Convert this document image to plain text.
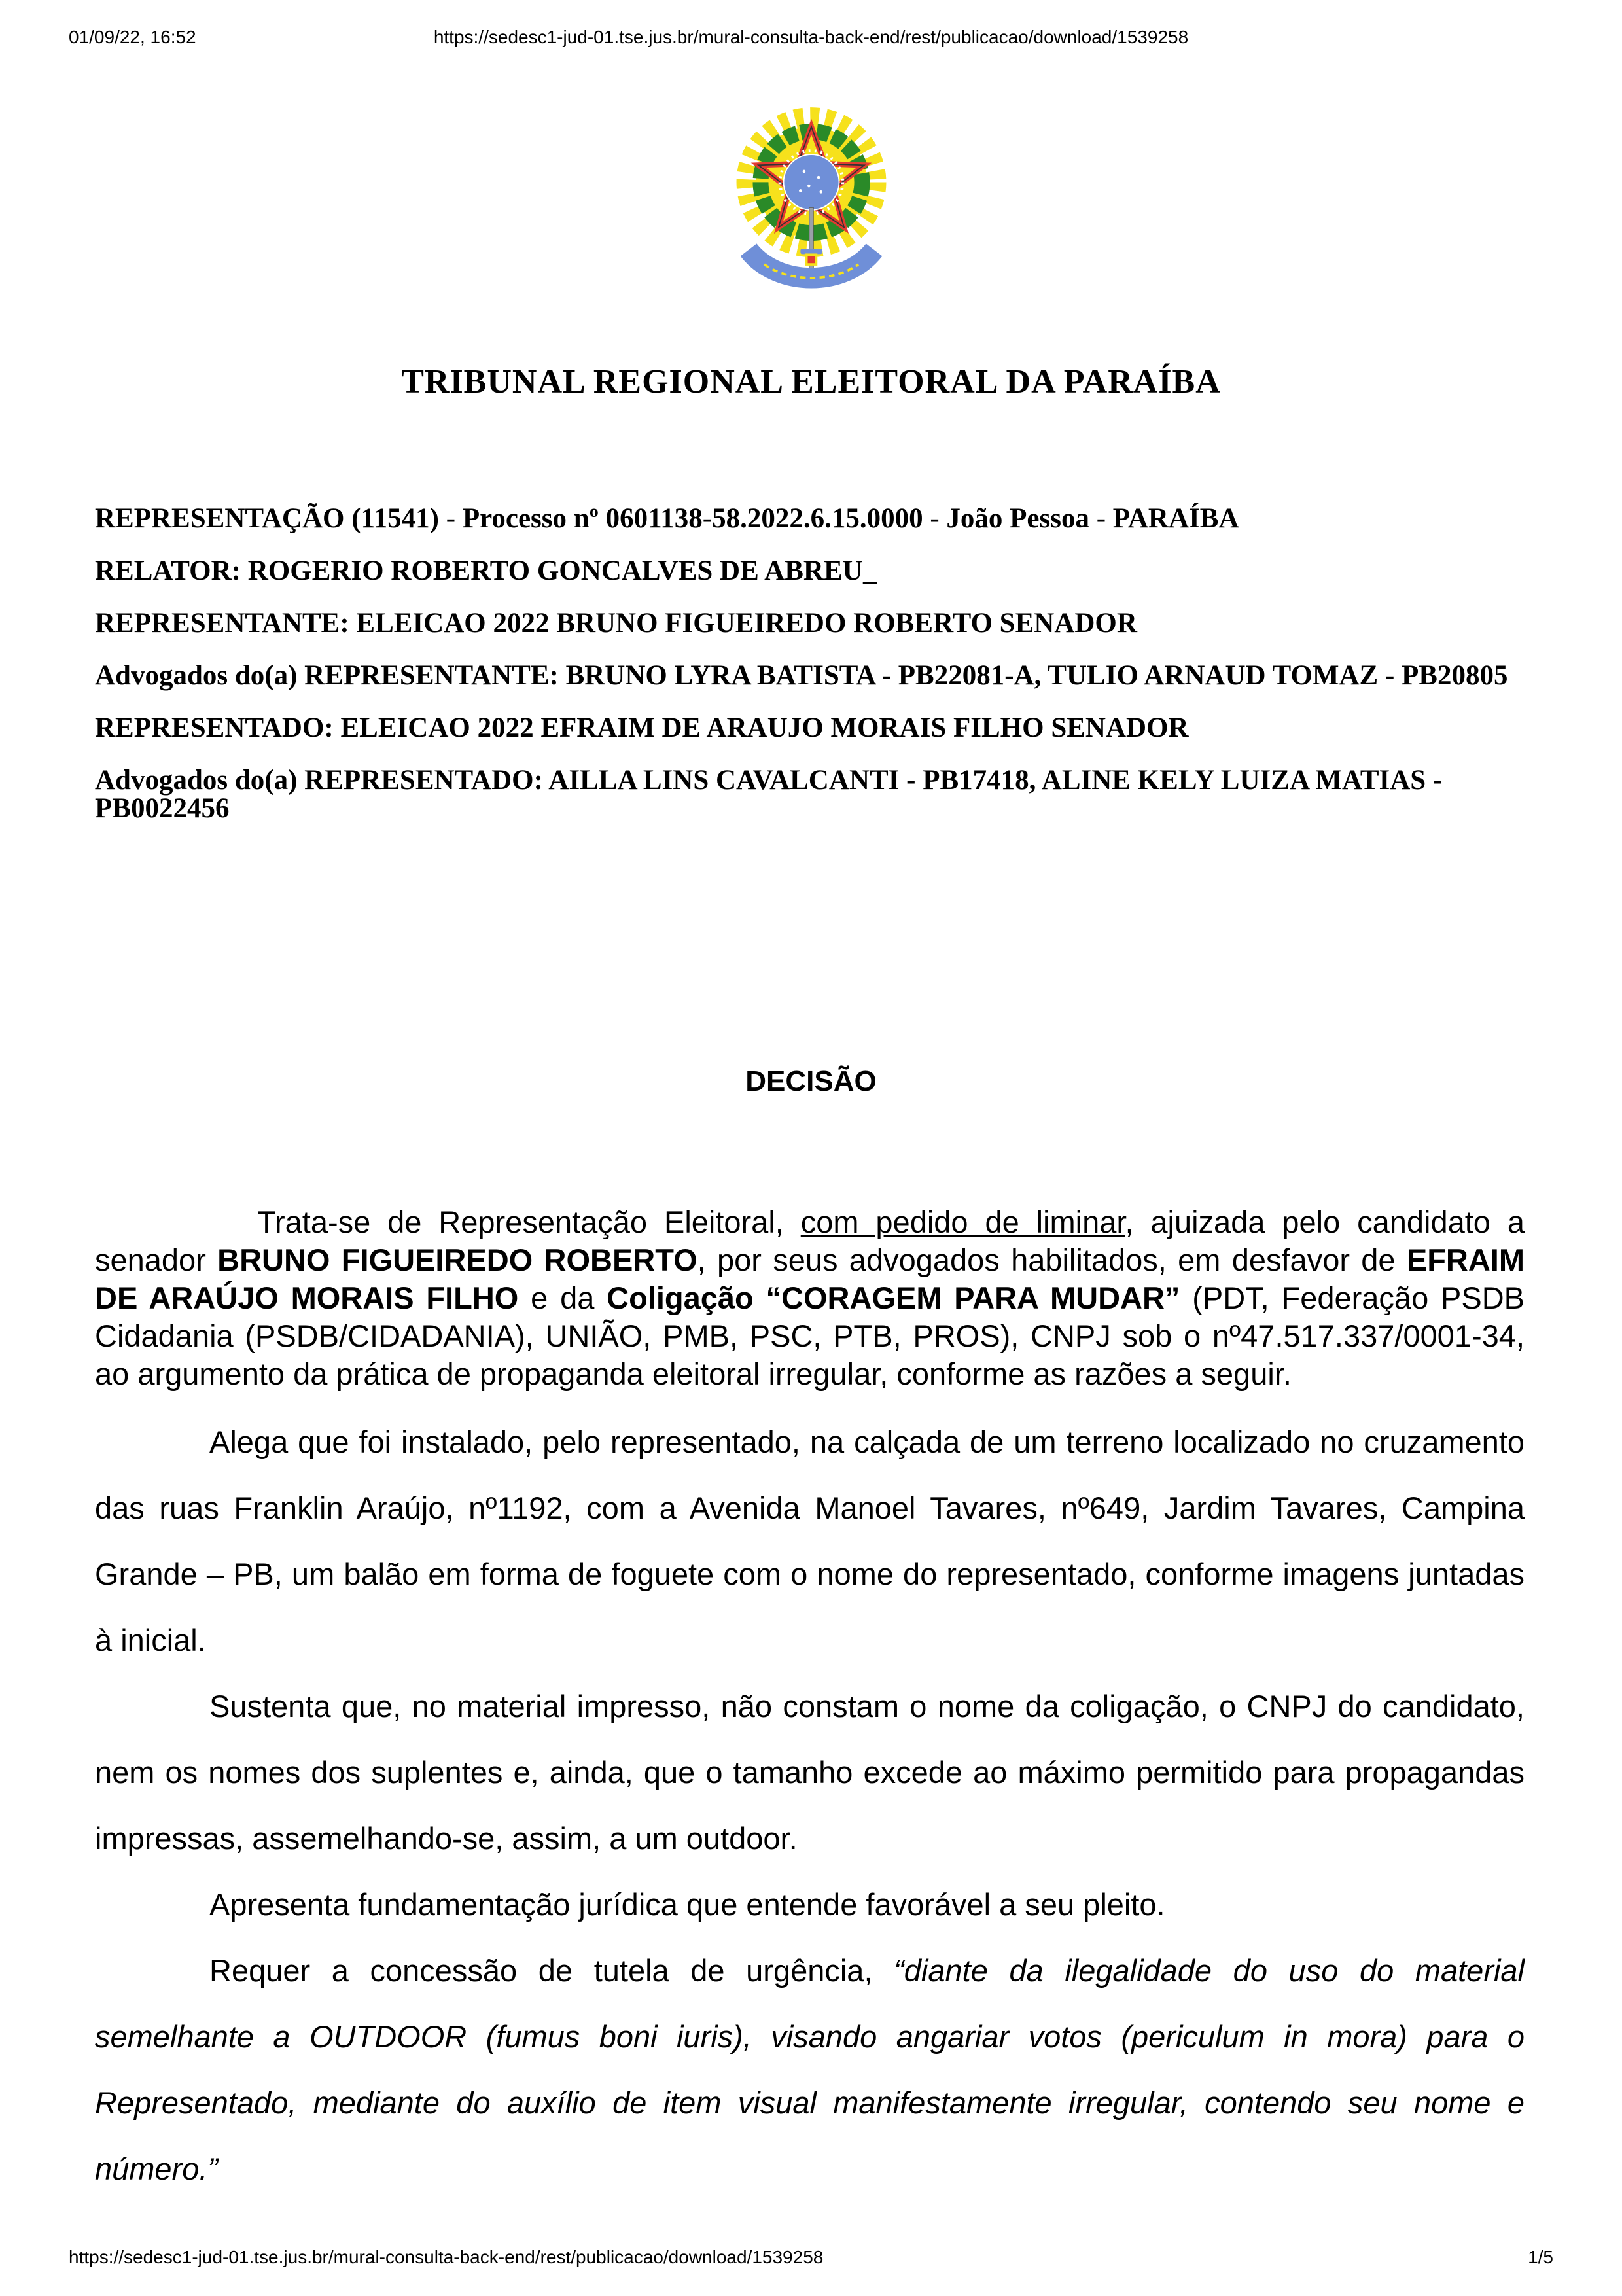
01/09/22, 16:52	https://sedesc1-jud-01.tse.jus.br/mural-consulta-back-end/rest/publicacao/download/1539258
TRIBUNAL REGIONAL ELEITORAL DA PARAÍBA

REPRESENTAÇÃO (11541) - Processo nº 0601138-58.2022.6.15.0000 - João Pessoa - PARAÍBA

RELATOR: ROGERIO ROBERTO GONCALVES DE ABREU

REPRESENTANTE: ELEICAO 2022 BRUNO FIGUEIREDO ROBERTO SENADOR

Advogados do(a) REPRESENTANTE: BRUNO LYRA BATISTA - PB22081-A, TULIO ARNAUD TOMAZ - PB20805

REPRESENTADO: ELEICAO 2022 EFRAIM DE ARAUJO MORAIS FILHO SENADOR

Advogados do(a) REPRESENTADO: AILLA LINS CAVALCANTI - PB17418, ALINE KELY LUIZA MATIAS - PB0022456

DECISÃO

Trata-se de Representação Eleitoral, com pedido de liminar, ajuizada pelo candidato a senador BRUNO FIGUEIREDO ROBERTO, por seus advogados habilitados, em desfavor de EFRAIM DE ARAÚJO MORAIS FILHO e da Coligação “CORAGEM PARA MUDAR” (PDT, Federação PSDB Cidadania (PSDB/CIDADANIA), UNIÃO, PMB, PSC, PTB, PROS), CNPJ sob o nº47.517.337/0001-34, ao argumento da prática de propaganda eleitoral irregular, conforme as razões a seguir.

Alega que foi instalado, pelo representado, na calçada de um terreno localizado no cruzamento das ruas Franklin Araújo, nº1192, com a Avenida Manoel Tavares, nº649, Jardim Tavares, Campina Grande – PB, um balão em forma de foguete com o nome do representado, conforme imagens juntadas à inicial.

Sustenta que, no material impresso, não constam o nome da coligação, o CNPJ do candidato, nem os nomes dos suplentes e, ainda, que o tamanho excede ao máximo permitido para propagandas impressas, assemelhando-se, assim, a um outdoor.

Apresenta fundamentação jurídica que entende favorável a seu pleito.

Requer a concessão de tutela de urgência, “diante da ilegalidade do uso do material semelhante a OUTDOOR (fumus boni iuris), visando angariar votos (periculum in mora) para o Representado, mediante do auxílio de item visual manifestamente irregular, contendo seu nome e número.”

https://sedesc1-jud-01.tse.jus.br/mural-consulta-back-end/rest/publicacao/download/1539258	1/5
